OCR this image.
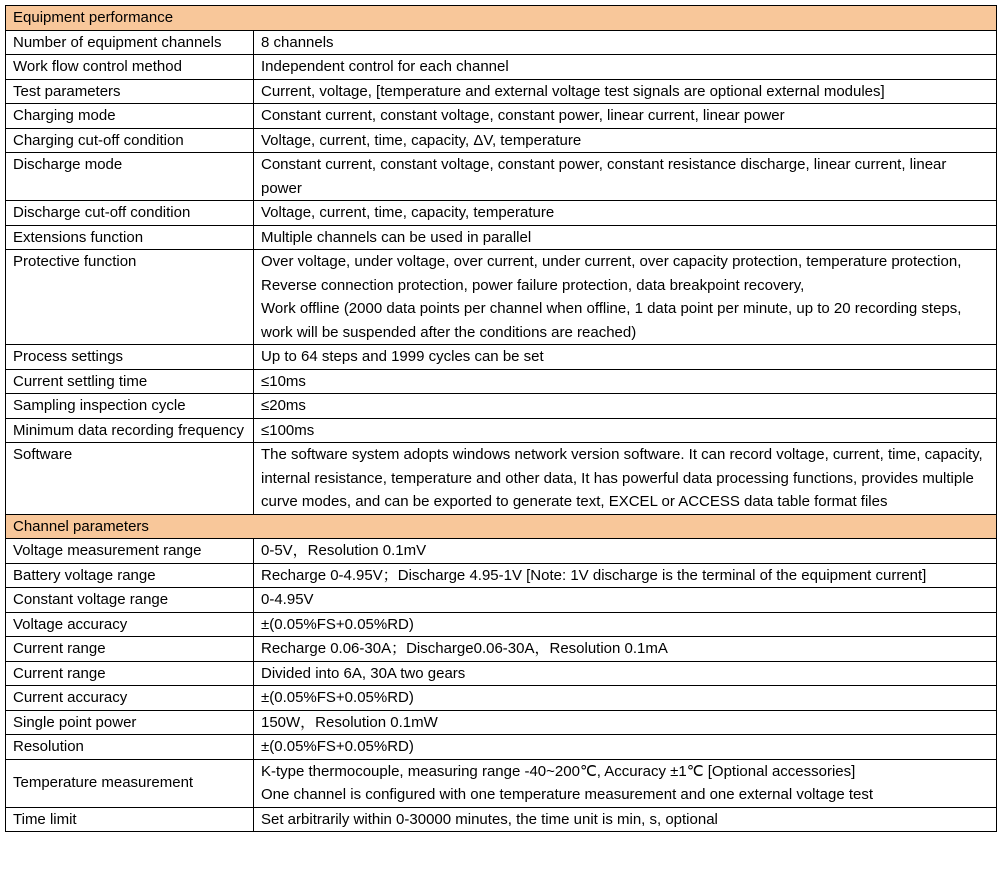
Equipment performance	
Number of equipment channels	8 channels

Work flow control method	Independent control for each channel

Test parameters	Current, voltage, [temperature and external voltage test signals are optional external modules]

Charging mode	Constant current, constant voltage, constant power, linear current, linear power

Charging cut-off condition	Voltage, current, time, capacity, ΔV, temperature

Discharge mode	Constant current, constant voltage, constant power, constant resistance discharge, linear current, linear power

Discharge cut-off condition	Voltage, current, time, capacity, temperature

Extensions function	Multiple channels can be used in parallel

Protective function	Over voltage, under voltage, over current, under current, over capacity protection, temperature protection, Reverse connection protection, power failure protection, data breakpoint recovery,
Work offline (2000 data points per channel when offline, 1 data point per minute, up to 20 recording steps, work will be suspended after the conditions are reached)

Process settings	Up to 64 steps and 1999 cycles can be set

Current settling time	≤10ms

Sampling inspection cycle	≤20ms

Minimum data recording frequency	≤100ms

Software	The software system adopts windows network version software. It can record voltage, current, time, capacity, internal resistance, temperature and other data, It has powerful data processing functions, provides multiple curve modes, and can be exported to generate text, EXCEL or ACCESS data table format files

Channel parameters	
Voltage measurement range	0-5V，Resolution 0.1mV

Battery voltage range	Recharge 0-4.95V；Discharge 4.95-1V [Note: 1V discharge is the terminal of the equipment current]

Constant voltage range	0-4.95V

Voltage accuracy	±(0.05%FS+0.05%RD)

Current range	Recharge 0.06-30A；Discharge0.06-30A，Resolution 0.1mA

Current range	Divided into 6A, 30A two gears

Current accuracy	±(0.05%FS+0.05%RD)

Single point power	150W，Resolution 0.1mW

Resolution	±(0.05%FS+0.05%RD)

Temperature measurement	K-type thermocouple, measuring range -40~200℃, Accuracy ±1℃ [Optional accessories]
One channel is configured with one temperature measurement and one external voltage test

Time limit	Set arbitrarily within 0-30000 minutes, the time unit is min, s, optional
